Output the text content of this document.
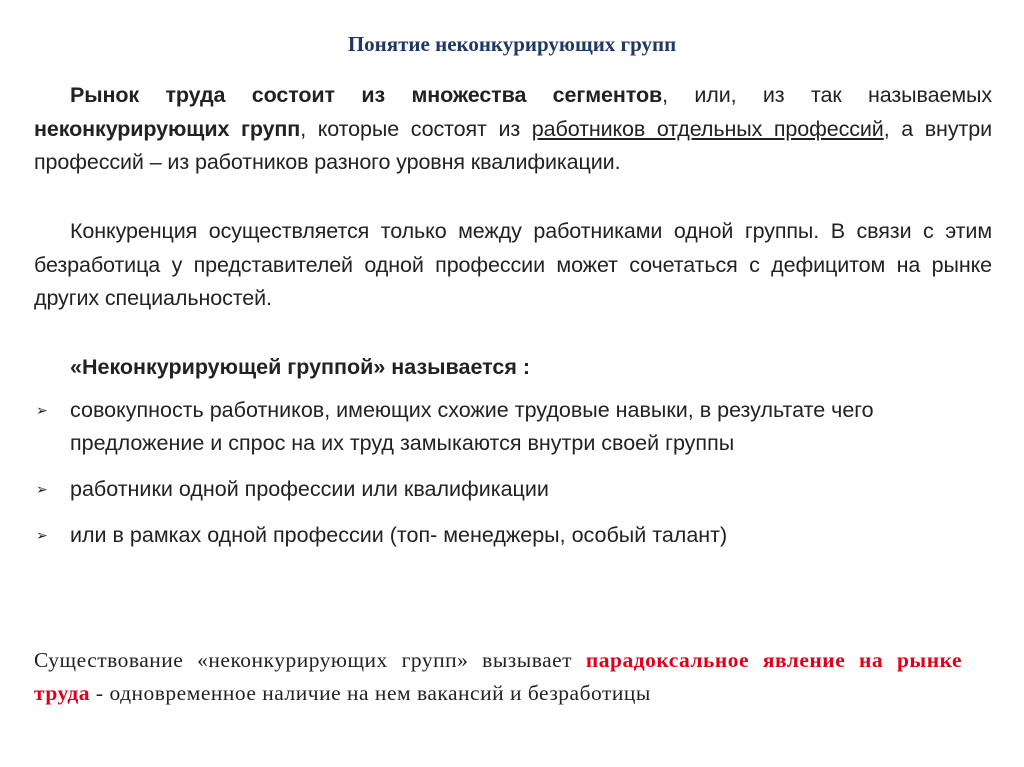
Понятие неконкурирующих групп

Рынок труда состоит из множества сегментов, или, из так называемых неконкурирующих групп, которые состоят из работников отдельных профессий, а внутри профессий – из работников разного уровня квалификации.

Конкуренция осуществляется только между работниками одной группы. В связи с этим безработица у представителей одной профессии может сочетаться с дефицитом на рынке других специальностей.

«Неконкурирующей группой» называется :
➢ совокупность работников, имеющих схожие трудовые навыки, в результате чего предложение и спрос на их труд замыкаются внутри своей группы
➢ работники одной профессии или квалификации
➢ или в рамках одной профессии (топ- менеджеры, особый талант)

Существование «неконкурирующих групп» вызывает парадоксальное явление на рынке труда - одновременное наличие на нем вакансий и безработицы
